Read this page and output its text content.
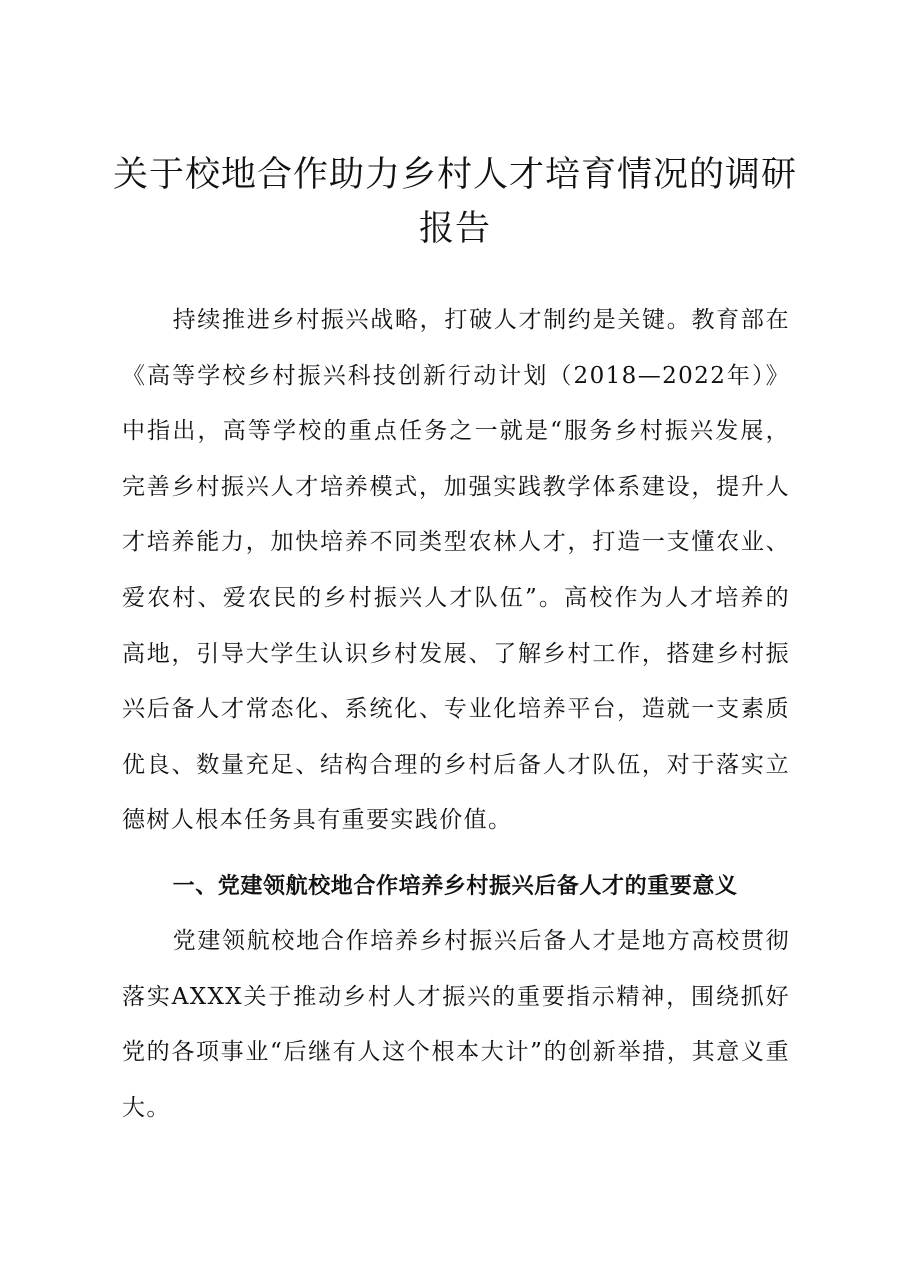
关于校地合作助力乡村人才培育情况的调研报告

持续推进乡村振兴战略，打破人才制约是关键。教育部在《高等学校乡村振兴科技创新行动计划（2018—2022年）》中指出，高等学校的重点任务之一就是“服务乡村振兴发展，完善乡村振兴人才培养模式，加强实践教学体系建设，提升人才培养能力，加快培养不同类型农林人才，打造一支懂农业、爱农村、爱农民的乡村振兴人才队伍”。高校作为人才培养的高地，引导大学生认识乡村发展、了解乡村工作，搭建乡村振兴后备人才常态化、系统化、专业化培养平台，造就一支素质优良、数量充足、结构合理的乡村后备人才队伍，对于落实立德树人根本任务具有重要实践价值。

一、党建领航校地合作培养乡村振兴后备人才的重要意义

党建领航校地合作培养乡村振兴后备人才是地方高校贯彻落实AXXX关于推动乡村人才振兴的重要指示精神，围绕抓好党的各项事业“后继有人这个根本大计”的创新举措，其意义重大。
